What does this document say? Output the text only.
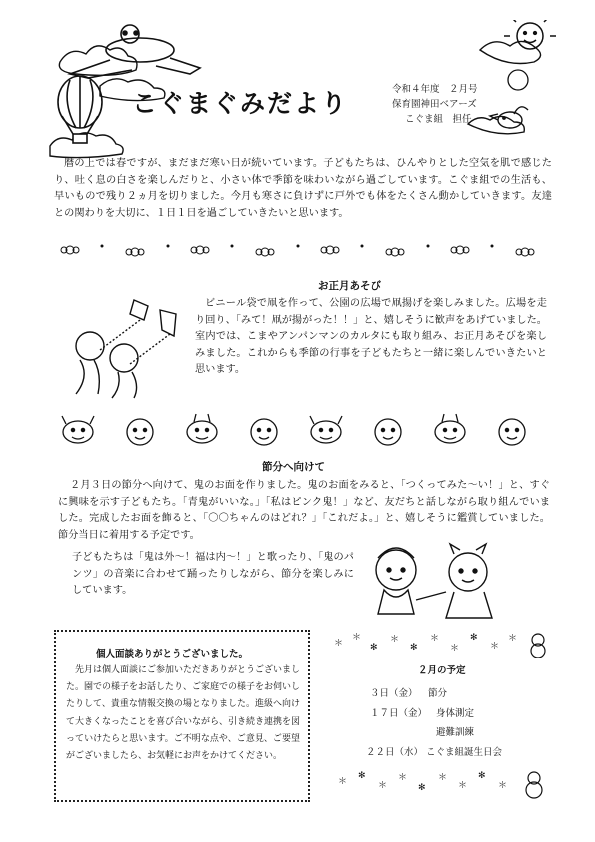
こぐまぐみだより	令和４年度　２月号
保育園神田ベアーズ
こぐま組　担任
暦の上では春ですが、まだまだ寒い日が続いています。子どもたちは、ひんやりとした空気を肌で感じたり、吐く息の白さを楽しんだりと、小さい体で季節を味わいながら過ごしています。こぐま組での生活も、早いもので残り２ヵ月を切りました。今月も寒さに負けずに戸外でも体をたくさん動かしていきます。友達との関わりを大切に、１日１日を過ごしていきたいと思います。
お正月あそび
ビニール袋で凧を作って、公園の広場で凧揚げを楽しみました。広場を走り回り、「みて！凧が揚がった！！」と、嬉しそうに歓声をあげていました。室内では、こまやアンパンマンのカルタにも取り組み、お正月あそびを楽しみました。これからも季節の行事を子どもたちと一緒に楽しんでいきたいと思います。
節分へ向けて
２月３日の節分へ向けて、鬼のお面を作りました。鬼のお面をみると、「つくってみた～い！」と、すぐに興味を示す子どもたち。「青鬼がいいな。」「私はピンク鬼！」など、友だちと話しながら取り組んでいました。完成したお面を飾ると、「〇〇ちゃんのはどれ？」「これだよ。」と、嬉しそうに鑑賞していました。節分当日に着用する予定です。
子どもたちは「鬼は外～！福は内～！」と歌ったり、「鬼のパンツ」の音楽に合わせて踊ったりしながら、節分を楽しみにしています。
個人面談ありがとうございました。
先月は個人面談にご参加いただきありがとうございました。園での様子をお話したり、ご家庭での様子をお伺いしたりして、貴重な情報交換の場となりました。進級へ向けて大きくなったことを喜び合いながら、引き続き連携を図っていけたらと思います。ご不明な点や、ご意見、ご要望がございましたら、お気軽にお声をかけてください。
＊
＊
✻
＊
✻
＊
＊
✻
＊
＊
２月の予定
３日（金） 節分
１７日（金） 身体測定
避難訓練
２２日（水） こぐま組誕生日会
＊
✻
＊
＊
✻
＊
＊
✻
＊
